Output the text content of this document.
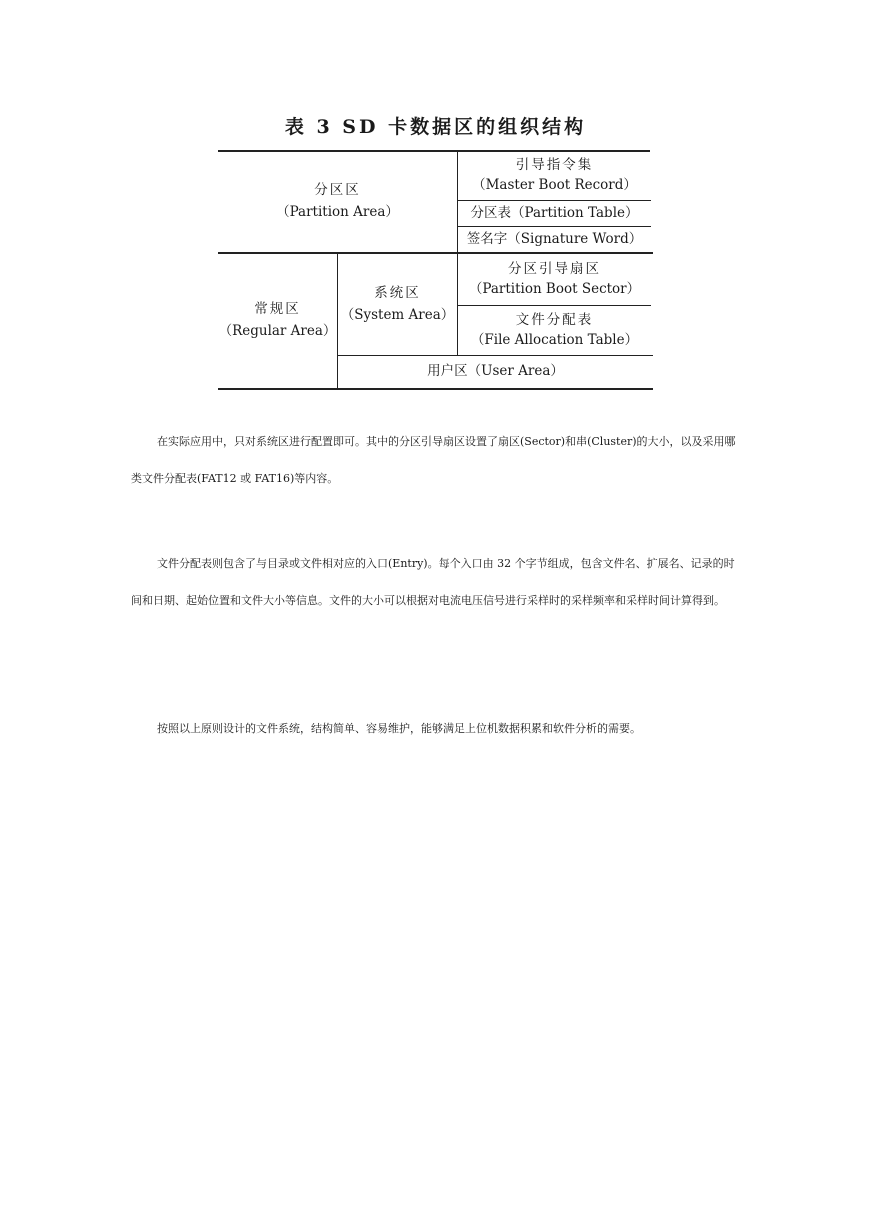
表 3 SD 卡数据区的组织结构
分区区
（Partition Area）
引导指令集
（Master Boot Record）
分区表（Partition Table）
签名字（Signature Word）
常规区
（Regular Area）
系统区
（System Area）
分区引导扇区
（Partition Boot Sector）
文件分配表
（File Allocation Table）
用户区（User Area）

在实际应用中，只对系统区进行配置即可。其中的分区引导扇区设置了扇区(Sector)和串(Cluster)的大小，以及采用哪类文件分配表(FAT12 或 FAT16)等内容。

文件分配表则包含了与目录或文件相对应的入口(Entry)。每个入口由 32 个字节组成，包含文件名、扩展名、记录的时间和日期、起始位置和文件大小等信息。文件的大小可以根据对电流电压信号进行采样时的采样频率和采样时间计算得到。

按照以上原则设计的文件系统，结构简单、容易维护，能够满足上位机数据积累和软件分析的需要。
